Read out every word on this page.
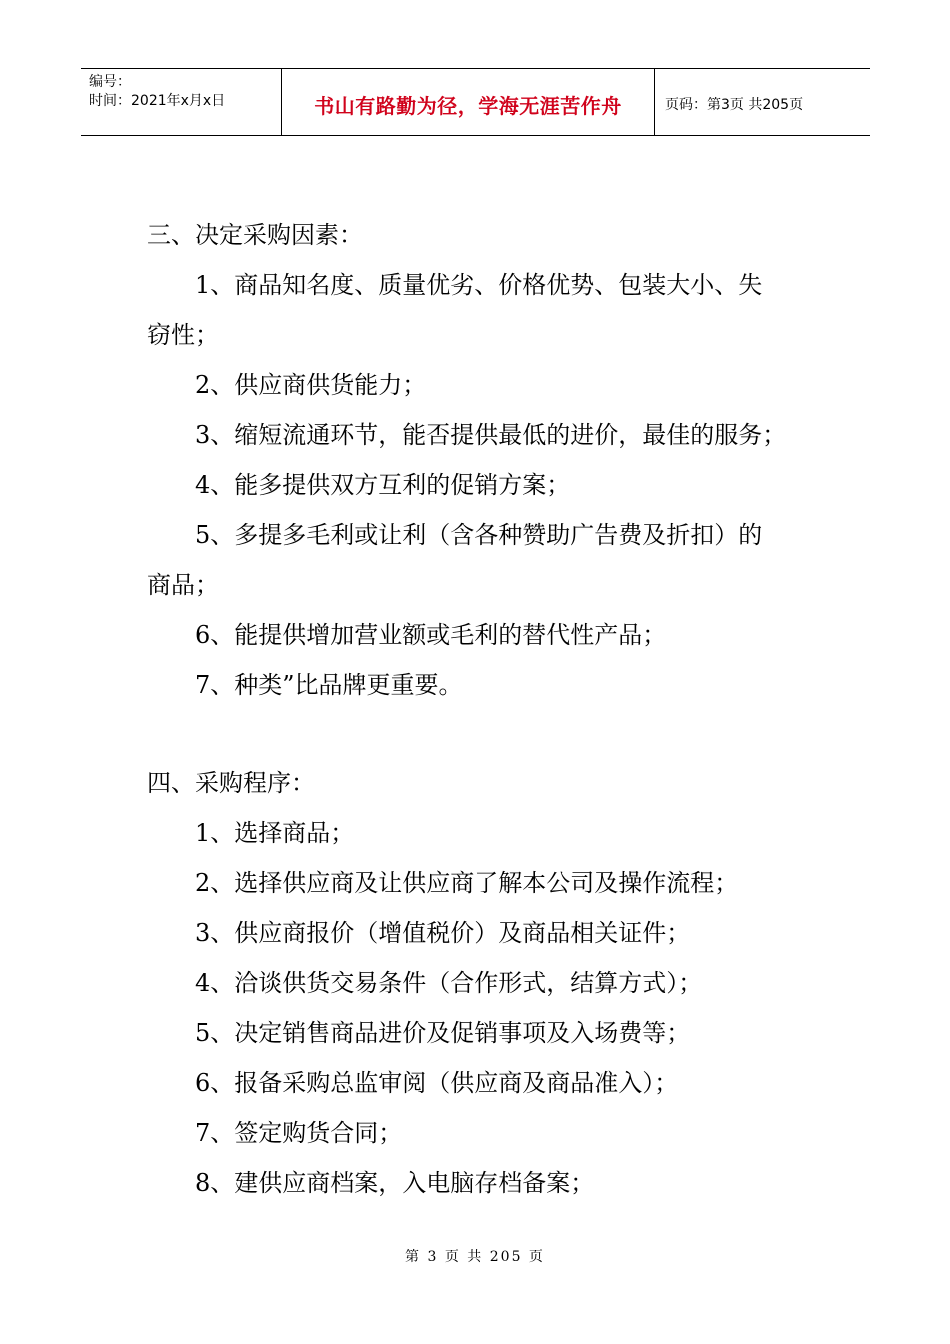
编号：
时间：2021年x月x日	书山有路勤为径，学海无涯苦作舟	页码：第3页 共205页
三、决定采购因素：
1、商品知名度、质量优劣、价格优势、包装大小、失
窃性；
2、供应商供货能力；
3、缩短流通环节，能否提供最低的进价，最佳的服务；
4、能多提供双方互利的促销方案；
5、多提多毛利或让利（含各种赞助广告费及折扣）的
商品；
6、能提供增加营业额或毛利的替代性产品；
7、种类”比品牌更重要。
四、采购程序：
1、选择商品；
2、选择供应商及让供应商了解本公司及操作流程；
3、供应商报价（增值税价）及商品相关证件；
4、洽谈供货交易条件（合作形式，结算方式）；
5、决定销售商品进价及促销事项及入场费等；
6、报备采购总监审阅（供应商及商品准入）；
7、签定购货合同；
8、建供应商档案，入电脑存档备案；
第 3 页 共 205 页
